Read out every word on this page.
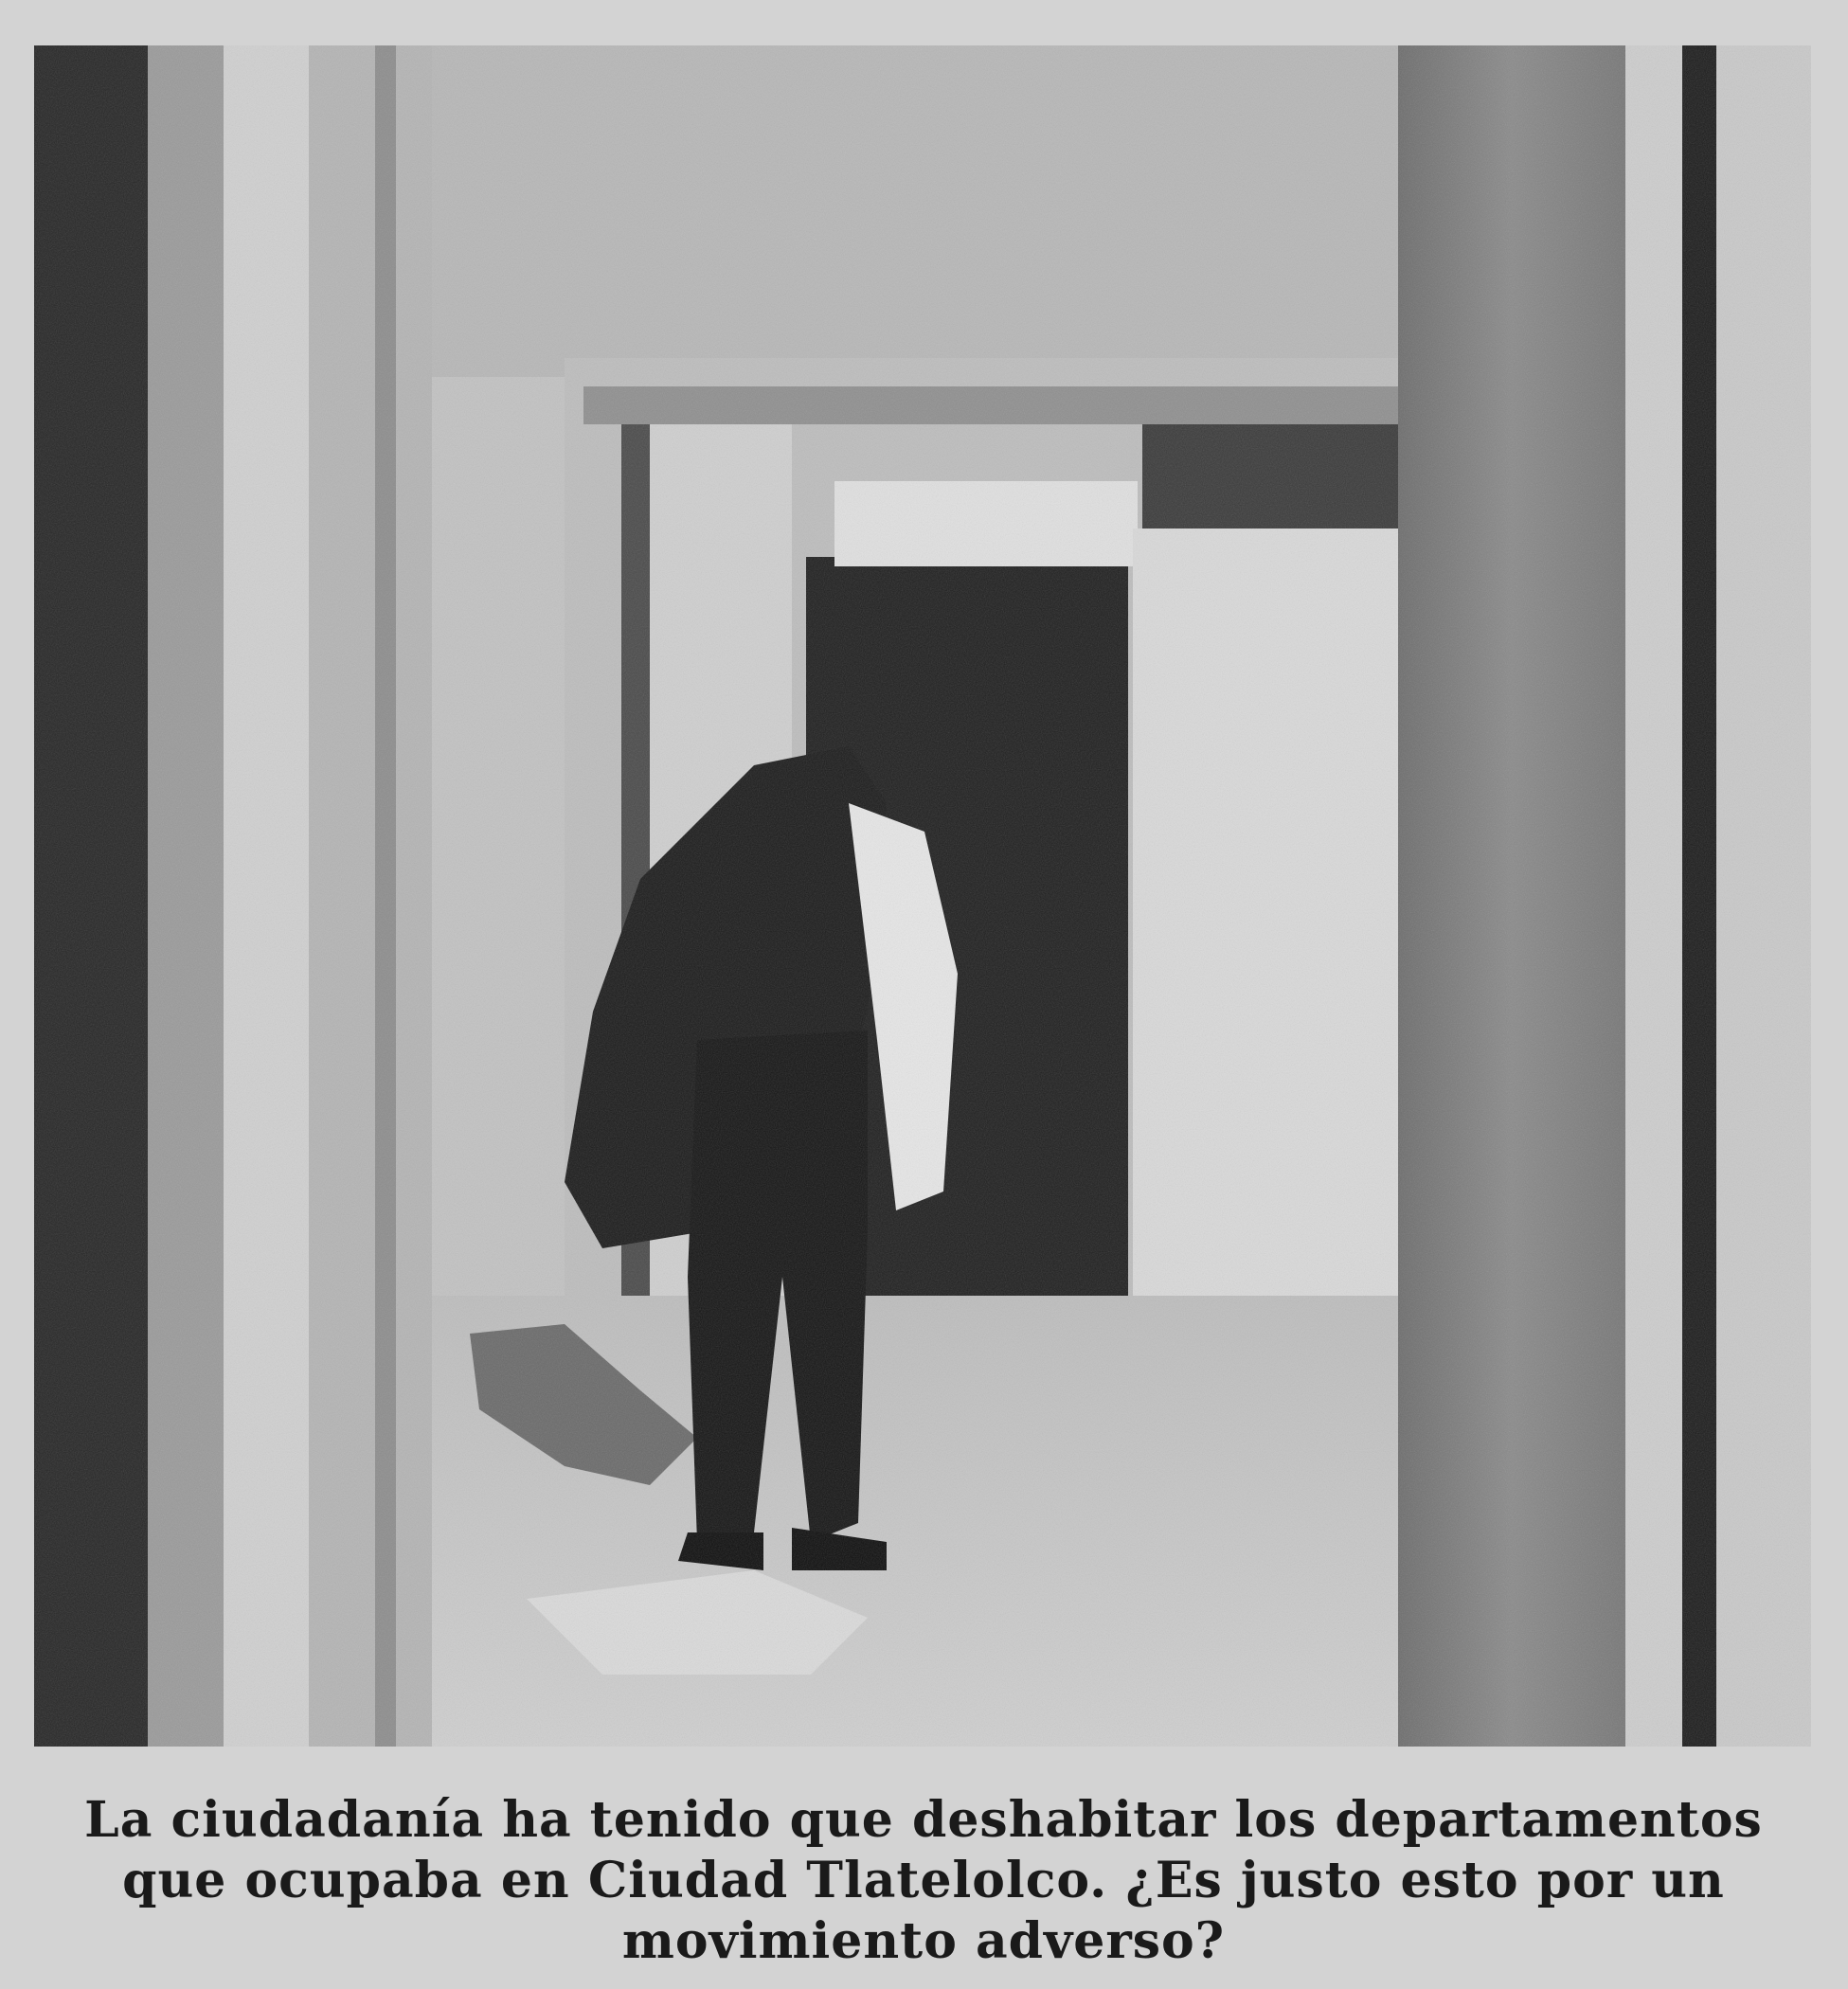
La ciudadanía ha tenido que deshabitar los departamentos
que ocupaba en Ciudad Tlatelolco. ¿Es justo esto por un
movimiento adverso?
